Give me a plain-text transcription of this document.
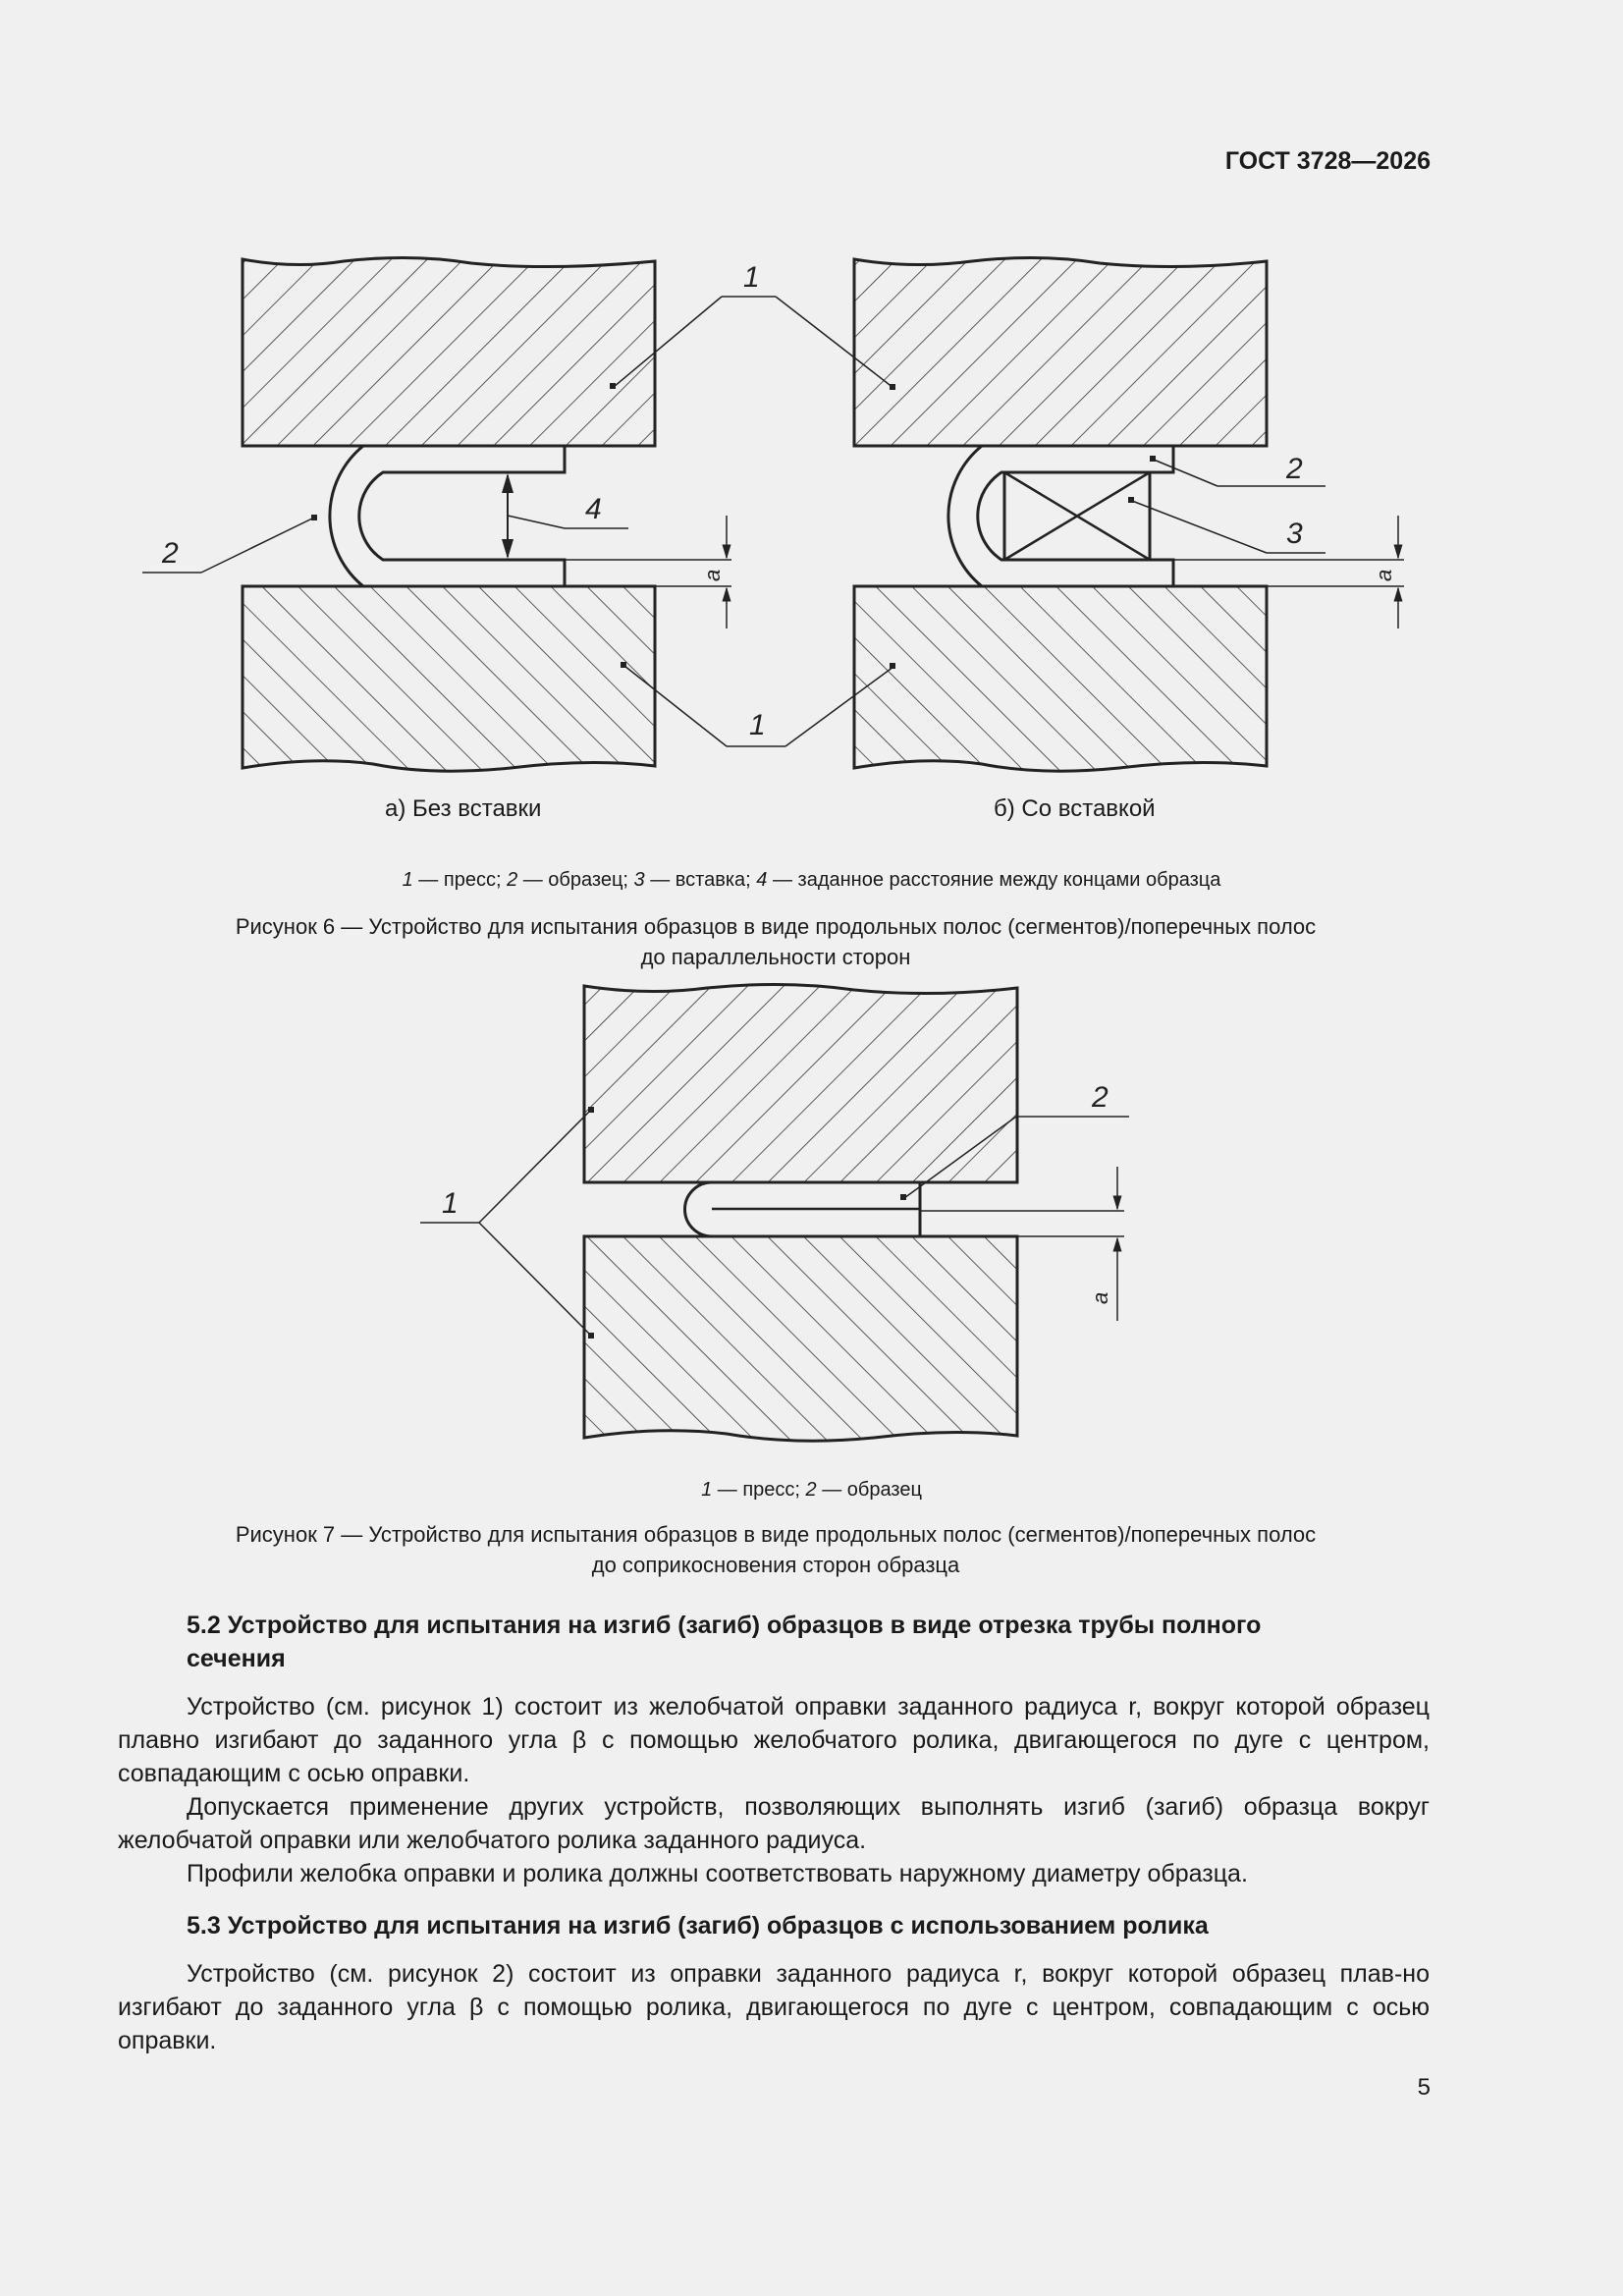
ГОСТ 3728—2026
1
1
2
4
2
3
a	a
1
2
a
а) Без вставки	б) Со вставкой
1 — пресс; 2 — образец; 3 — вставка; 4 — заданное расстояние между концами образца
Рисунок 6 — Устройство для испытания образцов в виде продольных полос (сегментов)/поперечных полос
до параллельности сторон
1 — пресс; 2 — образец
Рисунок 7 — Устройство для испытания образцов в виде продольных полос (сегментов)/поперечных полос
до соприкосновения сторон образца
5.2 Устройство для испытания на изгиб (загиб) образцов в виде отрезка трубы полного
сечения

Устройство (см. рисунок 1) состоит из желобчатой оправки заданного радиуса r, вокруг которой образец плавно изгибают до заданного угла β с помощью желобчатого ролика, двигающегося по дуге с центром, совпадающим с осью оправки.

Допускается применение других устройств, позволяющих выполнять изгиб (загиб) образца вокруг желобчатой оправки или желобчатого ролика заданного радиуса.

Профили желобка оправки и ролика должны соответствовать наружному диаметру образца.

5.3 Устройство для испытания на изгиб (загиб) образцов с использованием ролика

Устройство (см. рисунок 2) состоит из оправки заданного радиуса r, вокруг которой образец плав-но изгибают до заданного угла β с помощью ролика, двигающегося по дуге с центром, совпадающим с осью оправки.

5
